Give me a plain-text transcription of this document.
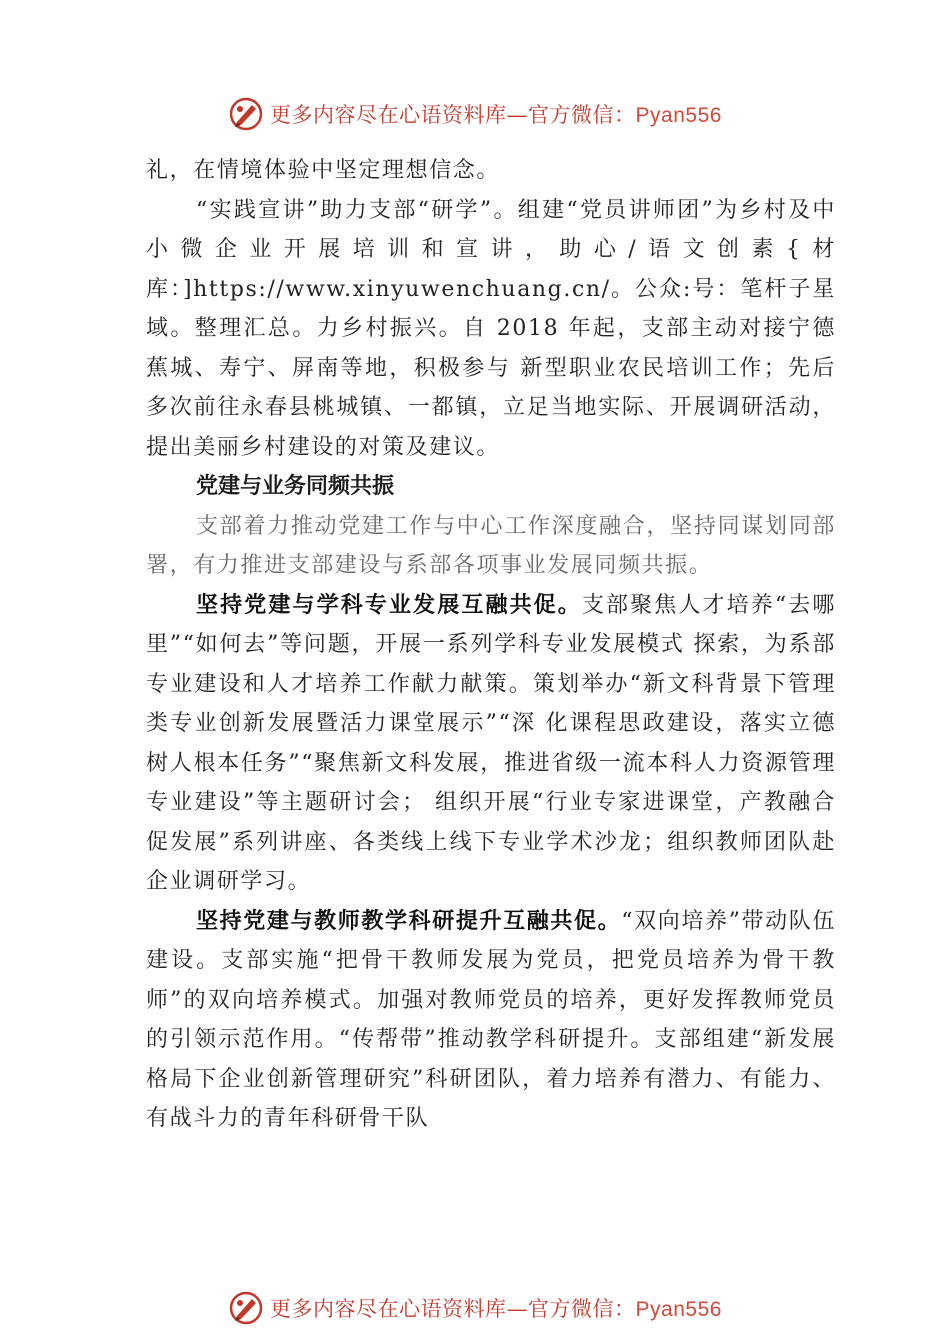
更多内容尽在心语资料库—官方微信：Pyan556

礼，在情境体验中坚定理想信念。

“实践宣讲”助力支部“研学”。组建“党员讲师团”为乡村及中小微企业开展培训和宣讲，助心/语文创素{材库：]https://www.xinyuwenchuang.cn/。公众:号：笔杆子星域。整理汇总。力乡村振兴。自 2018 年起，支部主动对接宁德蕉城、寿宁、屏南等地，积极参与 新型职业农民培训工作；先后多次前往永春县桃城镇、一都镇，立足当地实际、开展调研活动，提出美丽乡村建设的对策及建议。

党建与业务同频共振

支部着力推动党建工作与中心工作深度融合，坚持同谋划同部署，有力推进支部建设与系部各项事业发展同频共振。

坚持党建与学科专业发展互融共促。支部聚焦人才培养“去哪里”“如何去”等问题，开展一系列学科专业发展模式 探索，为系部专业建设和人才培养工作献力献策。策划举办“新文科背景下管理类专业创新发展暨活力课堂展示”“深 化课程思政建设，落实立德树人根本任务”“聚焦新文科发展，推进省级一流本科人力资源管理专业建设”等主题研讨会； 组织开展“行业专家进课堂，产教融合促发展”系列讲座、各类线上线下专业学术沙龙；组织教师团队赴企业调研学习。

坚持党建与教师教学科研提升互融共促。“双向培养”带动队伍建设。支部实施“把骨干教师发展为党员，把党员培养为骨干教师”的双向培养模式。加强对教师党员的培养，更好发挥教师党员的引领示范作用。“传帮带”推动教学科研提升。支部组建“新发展格局下企业创新管理研究”科研团队，着力培养有潜力、有能力、有战斗力的青年科研骨干队

更多内容尽在心语资料库—官方微信：Pyan556
